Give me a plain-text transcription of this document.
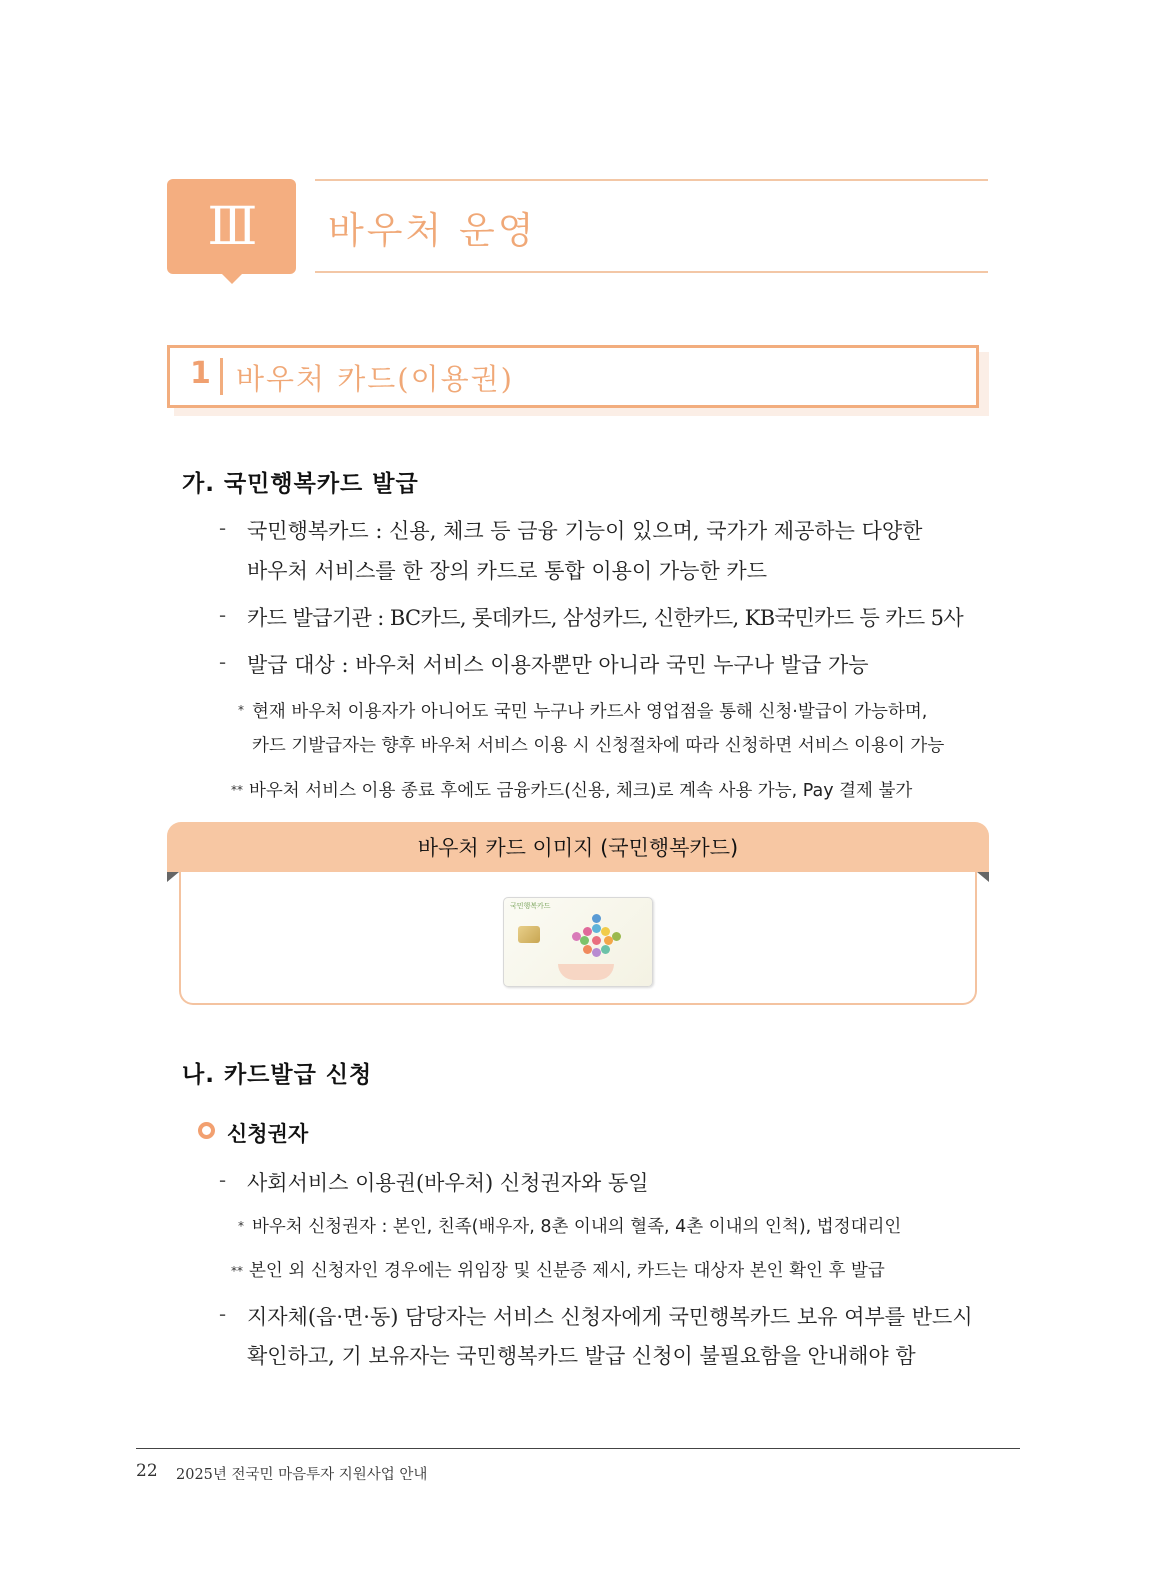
Ⅲ	바우처 운영
1 바우처 카드(이용권)
가. 국민행복카드 발급
- 국민행복카드 : 신용, 체크 등 금융 기능이 있으며, 국가가 제공하는 다양한
바우처 서비스를 한 장의 카드로 통합 이용이 가능한 카드
- 카드 발급기관 : BC카드, 롯데카드, 삼성카드, 신한카드, KB국민카드 등 카드 5사
- 발급 대상 : 바우처 서비스 이용자뿐만 아니라 국민 누구나 발급 가능
* 현재 바우처 이용자가 아니어도 국민 누구나 카드사 영업점을 통해 신청·발급이 가능하며,
카드 기발급자는 향후 바우처 서비스 이용 시 신청절차에 따라 신청하면 서비스 이용이 가능
** 바우처 서비스 이용 종료 후에도 금융카드(신용, 체크)로 계속 사용 가능, Pay 결제 불가
바우처 카드 이미지 (국민행복카드)
국민행복카드
나. 카드발급 신청
신청권자
- 사회서비스 이용권(바우처) 신청권자와 동일
* 바우처 신청권자 : 본인, 친족(배우자, 8촌 이내의 혈족, 4촌 이내의 인척), 법정대리인
** 본인 외 신청자인 경우에는 위임장 및 신분증 제시, 카드는 대상자 본인 확인 후 발급
- 지자체(읍·면·동) 담당자는 서비스 신청자에게 국민행복카드 보유 여부를 반드시
확인하고, 기 보유자는 국민행복카드 발급 신청이 불필요함을 안내해야 함
22 2025년 전국민 마음투자 지원사업 안내
